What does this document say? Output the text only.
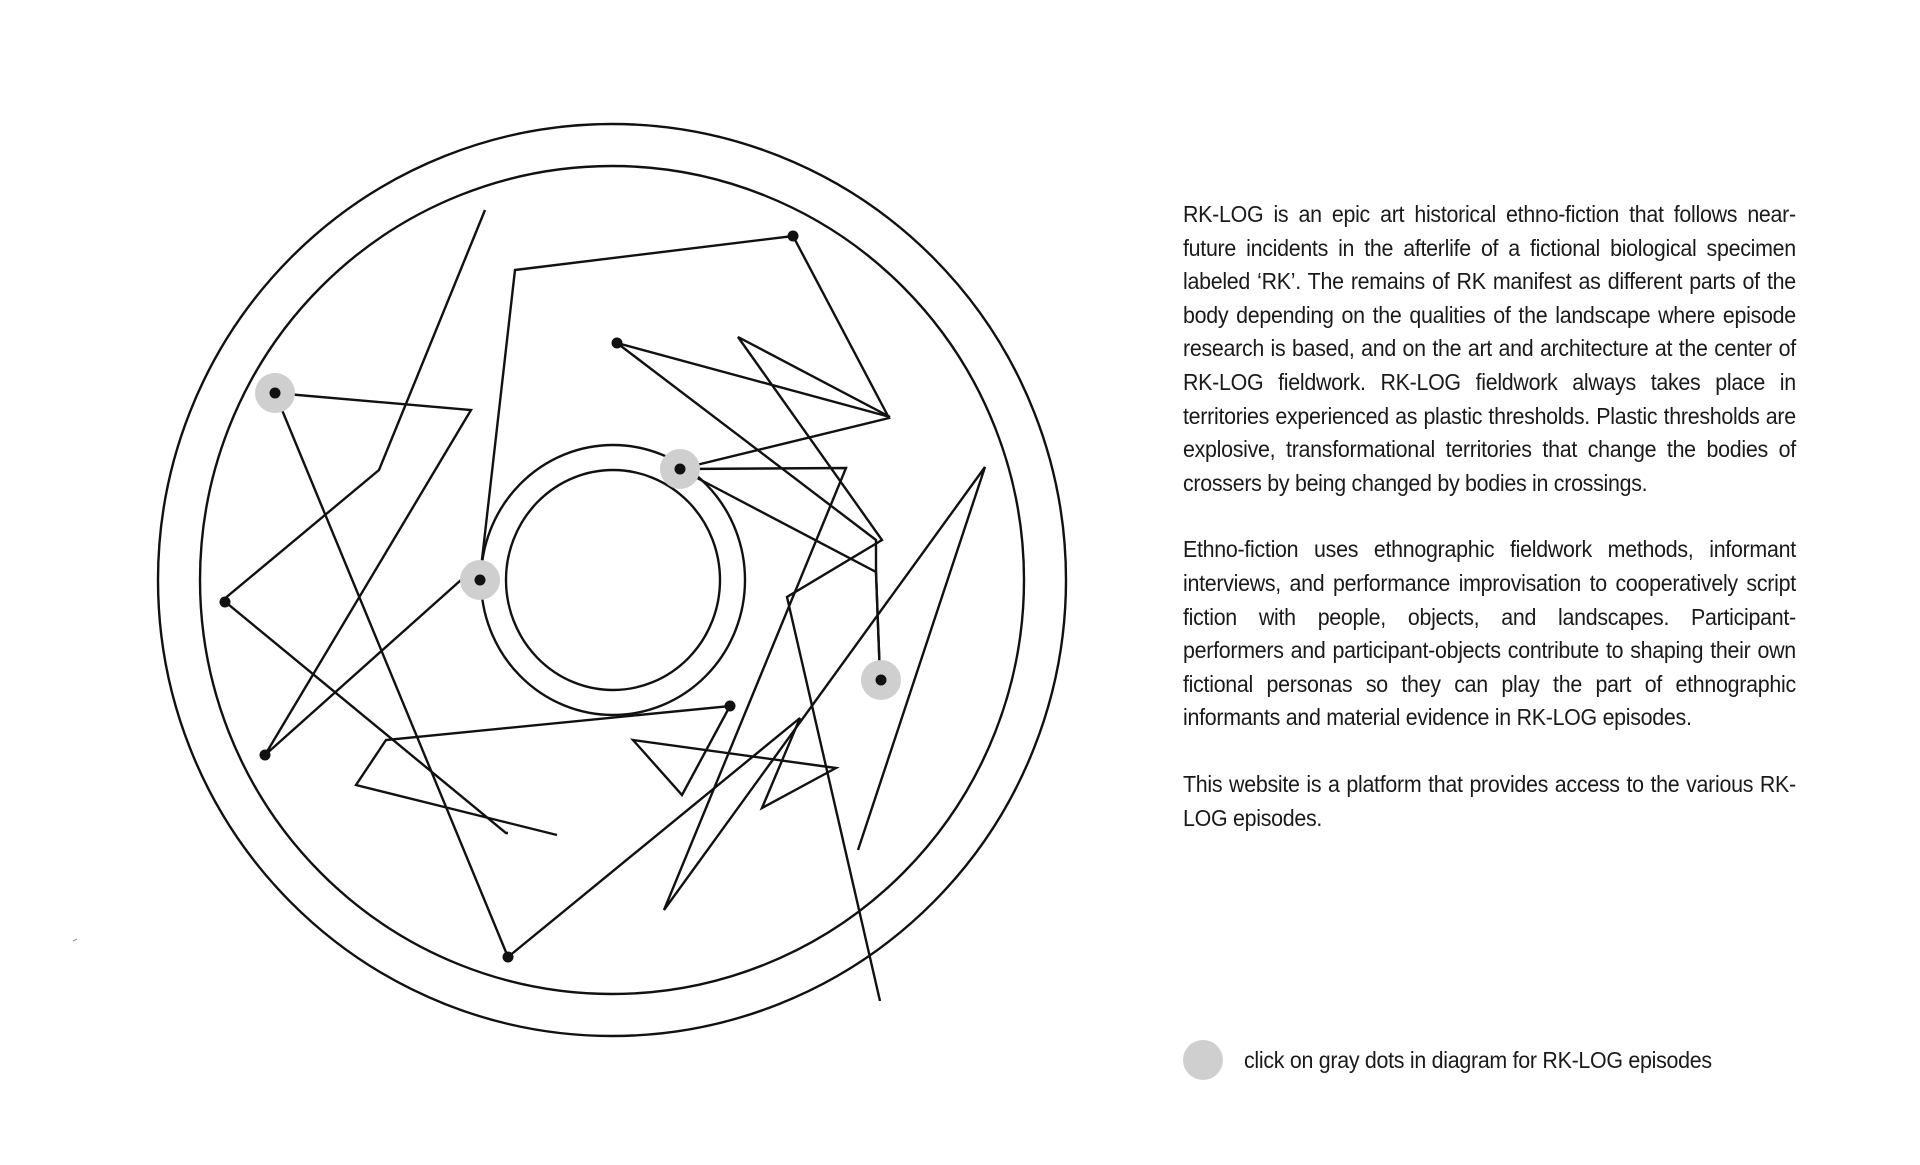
RK-LOG is an epic art historical ethno-fiction that follows near-future incidents in the afterlife of a fictional biological specimen labeled ‘RK’. The remains of RK manifest as different parts of the body depending on the qualities of the landscape where episode research is based, and on the art and architecture at the center of RK-LOG fieldwork. RK-LOG fieldwork always takes place in territories experienced as plastic thresholds. Plastic thresholds are explosive, transformational territories that change the bodies of crossers by being changed by bodies in crossings.

Ethno-fiction uses ethnographic fieldwork methods, informant interviews, and performance improvisation to cooperatively script fiction with people, objects, and landscapes. Participant-performers and participant-objects contribute to shaping their own fictional personas so they can play the part of ethnographic informants and material evidence in RK-LOG episodes.

This website is a platform that provides access to the various RK-LOG episodes.

click on gray dots in diagram for RK-LOG episodes
